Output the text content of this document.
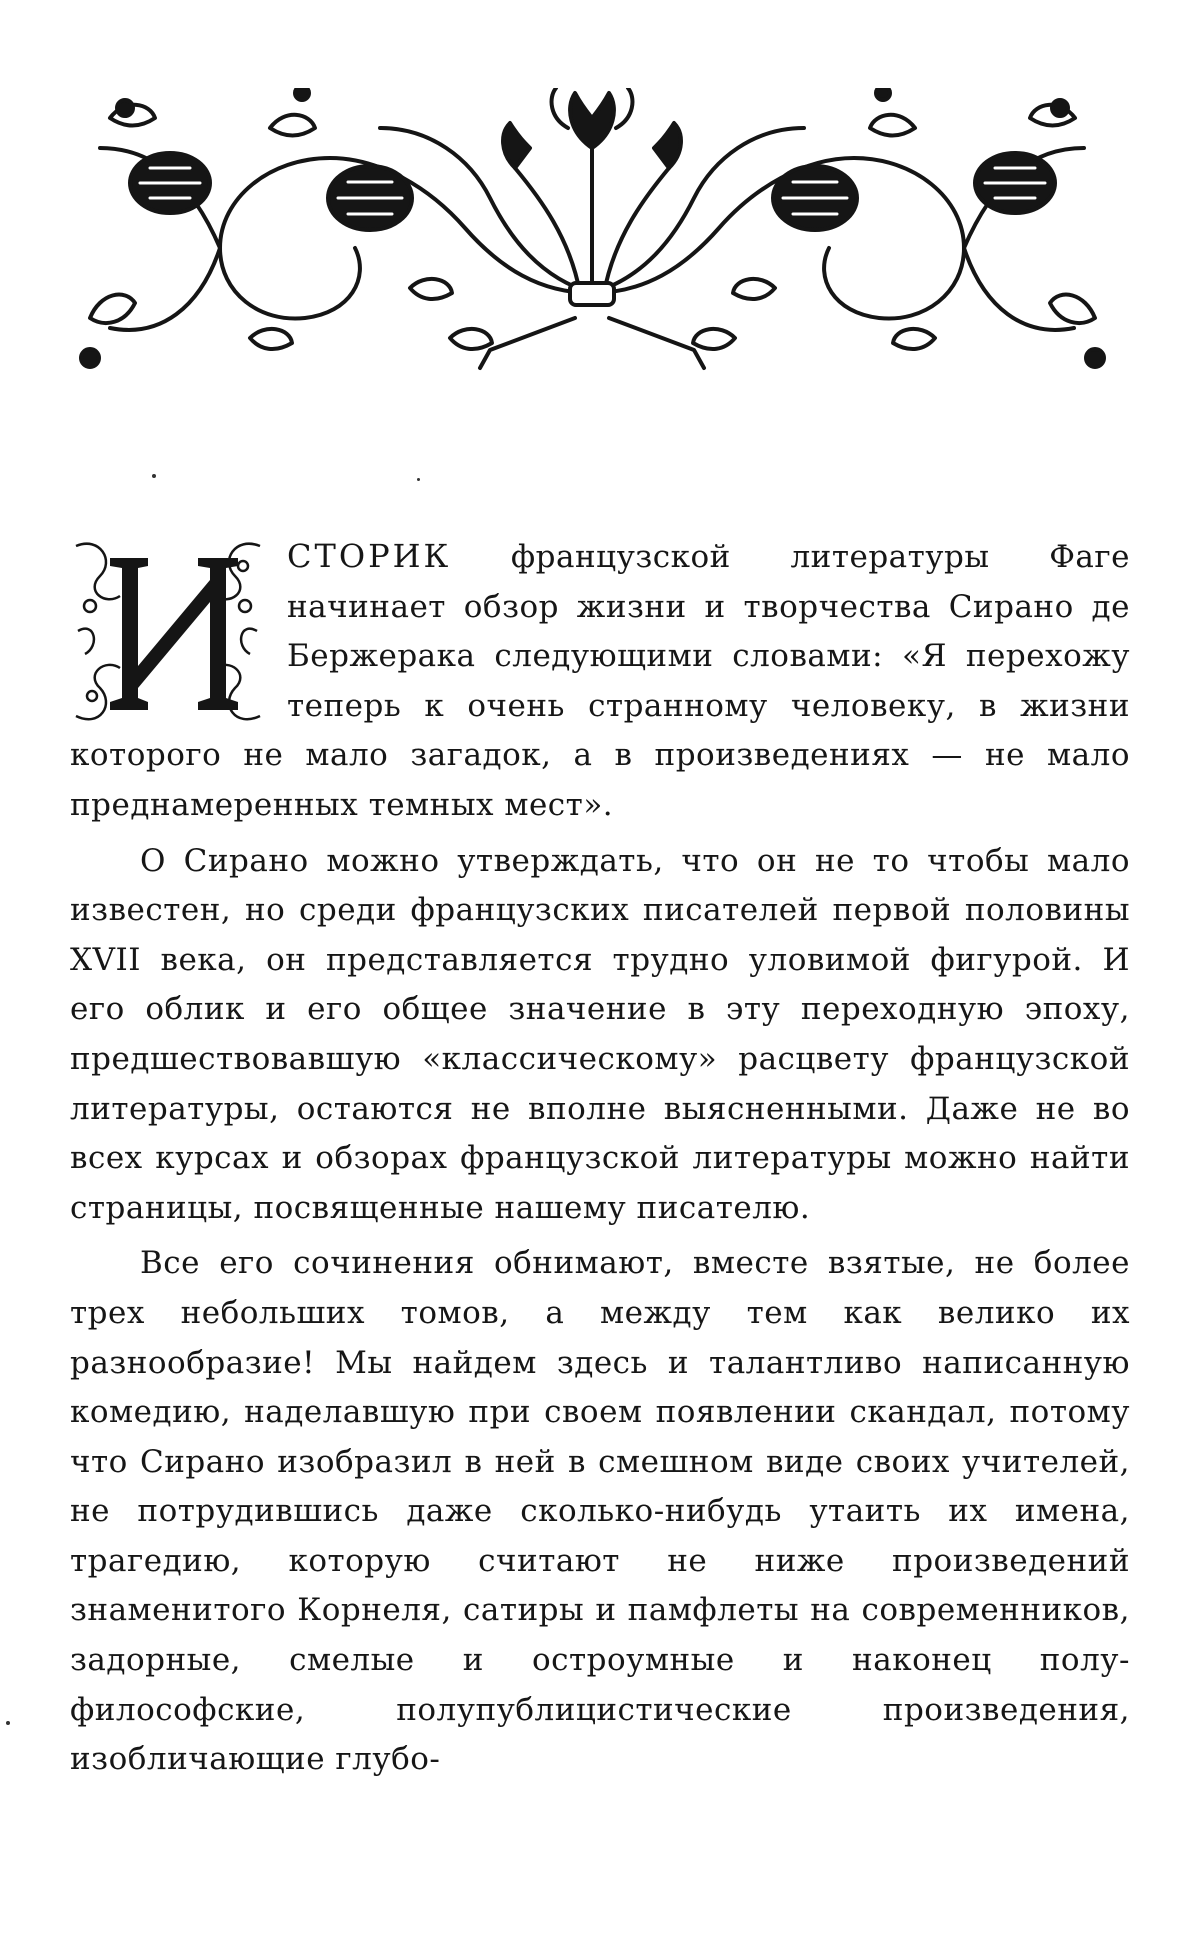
И

СТОРИК французской литературы Фаге начинает обзор жизни и творчества Сирано де Бержерака следующими словами: «Я перехожу теперь к очень странному человеку, в жизни которого не мало загадок, а в произведениях — не мало преднамеренных темных мест».

О Сирано можно утверждать, что он не то чтобы мало известен, но среди французских писателей первой половины XVII века, он представляется трудно уловимой фигурой. И его облик и его общее значение в эту переходную эпоху, предшествовавшую «классическому» расцвету французской литературы, остаются не вполне выясненными. Даже не во всех курсах и обзорах французской литературы можно найти страницы, посвященные нашему писателю.

Все его сочинения обнимают, вместе взятые, не более трех небольших томов, а между тем как велико их разнообразие! Мы найдем здесь и талантливо написанную комедию, наделавшую при своем появлении скандал, потому что Сирано изобразил в ней в смешном виде своих учителей, не потрудившись даже сколько-нибудь утаить их имена, трагедию, которую считают не ниже произведений знаменитого Корнеля, сатиры и памфлеты на современников, задорные, смелые и остроумные и наконец полу-философские, полупублицистические произведения, изобличающие глубо-
